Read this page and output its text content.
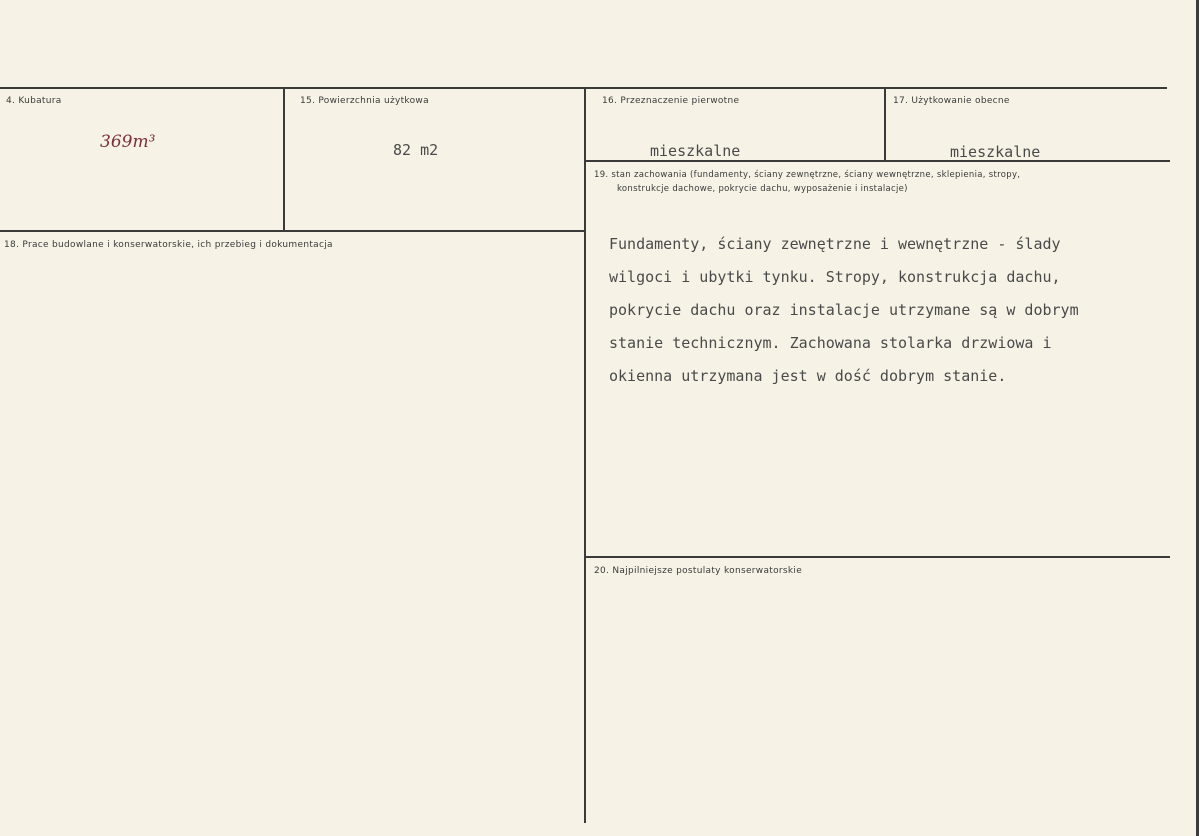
4. Kubatura
369m³
15. Powierzchnia użytkowa
82 m2
16. Przeznaczenie pierwotne
mieszkalne
17. Użytkowanie obecne
mieszkalne
19. stan zachowania (fundamenty, ściany zewnętrzne, ściany wewnętrzne, sklepienia, stropy,
konstrukcje dachowe, pokrycie dachu, wyposażenie i instalacje)
Fundamenty, ściany zewnętrzne i wewnętrzne - ślady
wilgoci i ubytki tynku. Stropy, konstrukcja dachu,
pokrycie dachu oraz instalacje utrzymane są w dobrym
stanie technicznym. Zachowana stolarka drzwiowa i
okienna utrzymana jest w dość dobrym stanie.
18. Prace budowlane i konserwatorskie, ich przebieg i dokumentacja
20. Najpilniejsze postulaty konserwatorskie
